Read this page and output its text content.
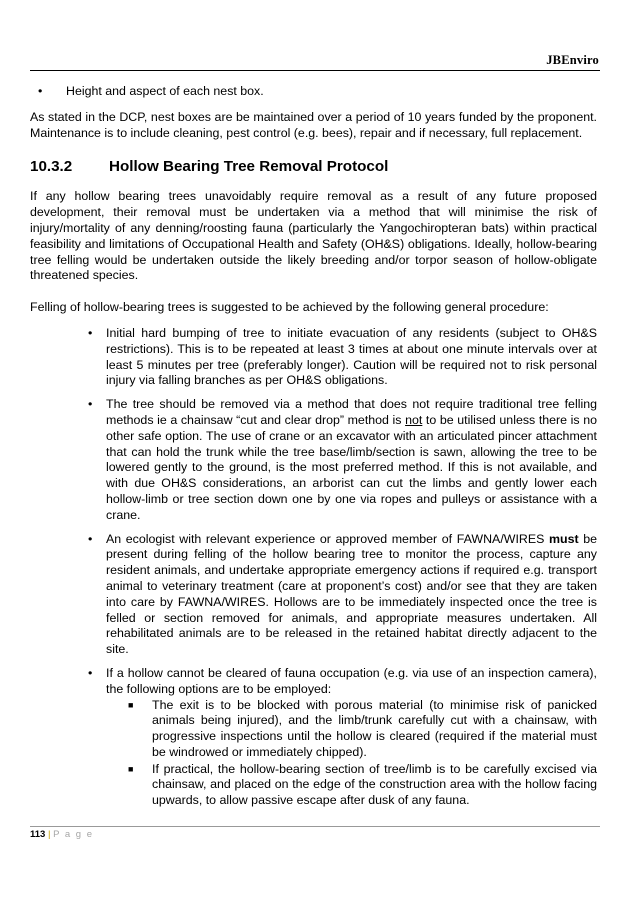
JBEnviro
•	Height and aspect of each nest box.

As stated in the DCP, nest boxes are be maintained over a period of 10 years funded by the proponent. Maintenance is to include cleaning, pest control (e.g. bees), repair and if necessary, full replacement.

10.3.2	Hollow Bearing Tree Removal Protocol

If any hollow bearing trees unavoidably require removal as a result of any future proposed development, their removal must be undertaken via a method that will minimise the risk of injury/mortality of any denning/roosting fauna (particularly the Yangochiropteran bats) within practical feasibility and limitations of Occupational Health and Safety (OH&S) obligations. Ideally, hollow-bearing tree felling would be undertaken outside the likely breeding and/or torpor season of hollow-obligate threatened species.

Felling of hollow-bearing trees is suggested to be achieved by the following general procedure:

•	Initial hard bumping of tree to initiate evacuation of any residents (subject to OH&S restrictions). This is to be repeated at least 3 times at about one minute intervals over at least 5 minutes per tree (preferably longer). Caution will be required not to risk personal injury via falling branches as per OH&S obligations.
•	The tree should be removed via a method that does not require traditional tree felling methods ie a chainsaw “cut and clear drop” method is not to be utilised unless there is no other safe option. The use of crane or an excavator with an articulated pincer attachment that can hold the trunk while the tree base/limb/section is sawn, allowing the tree to be lowered gently to the ground, is the most preferred method. If this is not available, and with due OH&S considerations, an arborist can cut the limbs and gently lower each hollow-limb or tree section down one by one via ropes and pulleys or assistance with a crane.
•	An ecologist with relevant experience or approved member of FAWNA/WIRES must be present during felling of the hollow bearing tree to monitor the process, capture any resident animals, and undertake appropriate emergency actions if required e.g. transport animal to veterinary treatment (care at proponent’s cost) and/or see that they are taken into care by FAWNA/WIRES. Hollows are to be immediately inspected once the tree is felled or section removed for animals, and appropriate measures undertaken. All rehabilitated animals are to be released in the retained habitat directly adjacent to the site.
•	If a hollow cannot be cleared of fauna occupation (e.g. via use of an inspection camera), the following options are to be employed:
■	The exit is to be blocked with porous material (to minimise risk of panicked animals being injured), and the limb/trunk carefully cut with a chainsaw, with progressive inspections until the hollow is cleared (required if the material must be windrowed or immediately chipped).
■	If practical, the hollow-bearing section of tree/limb is to be carefully excised via chainsaw, and placed on the edge of the construction area with the hollow facing upwards, to allow passive escape after dusk of any fauna.
113 | P a g e
